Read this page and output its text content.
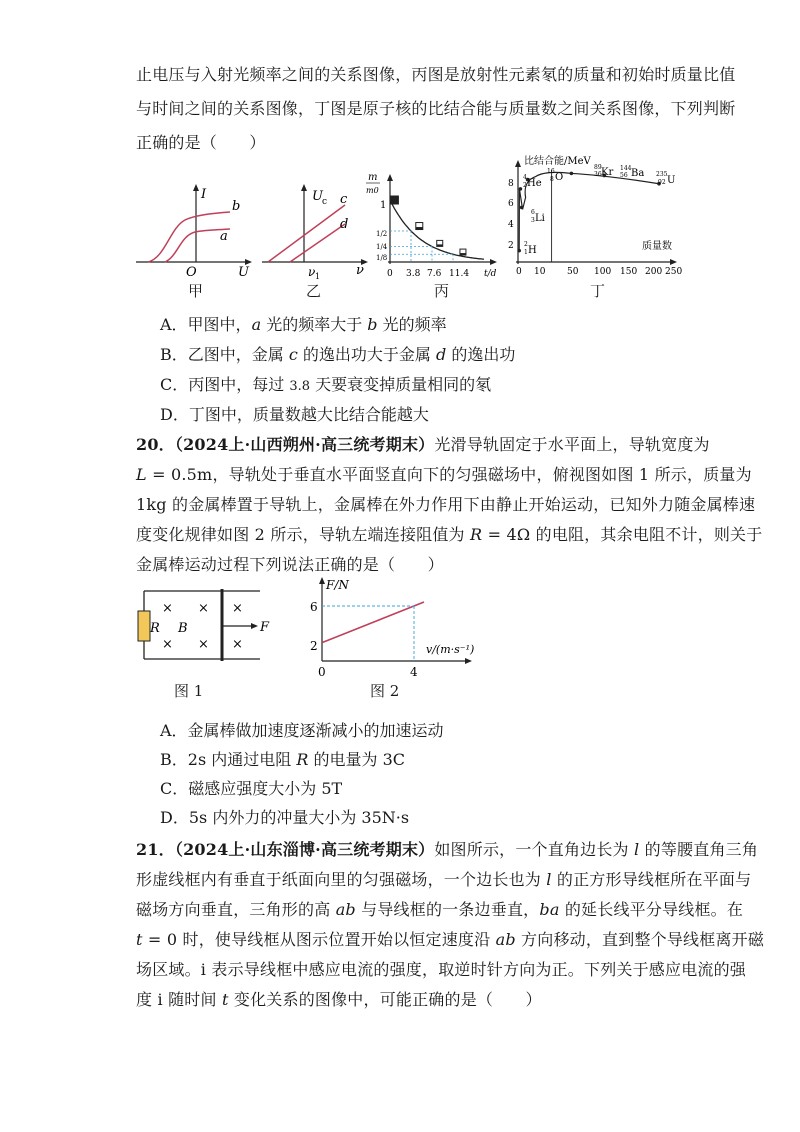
止电压与入射光频率之间的关系图像，丙图是放射性元素氡的质量和初始时质量比值
与时间之间的关系图像，丁图是原子核的比结合能与质量数之间关系图像，下列判断
正确的是（　　）
I
U
O
b
a
甲
U c
ν
c
d
ν 1
乙
m
m0
1
1/2
1/4
1/8
0 3.8 7.6 11.4 t/d
丙
比结合能/MeV
8
6
4
2
0 10 50 100 150 200 250
质量数
4
2 He
16
8 O
6
3 Li
2
1 H
89
36 Kr 144
56 Ba 235
92 U
丁
A．甲图中，a 光的频率大于 b 光的频率
B．乙图中，金属 c 的逸出功大于金属 d 的逸出功
C．丙图中，每过 3.8 天要衰变掉质量相同的氡
D．丁图中，质量数越大比结合能越大
20．（2024上·山西朔州·高三统考期末）光滑导轨固定于水平面上，导轨宽度为
L = 0.5m，导轨处于垂直水平面竖直向下的匀强磁场中，俯视图如图 1 所示，质量为
1kg 的金属棒置于导轨上，金属棒在外力作用下由静止开始运动，已知外力随金属棒速
度变化规律如图 2 所示，导轨左端连接阻值为 R = 4Ω 的电阻，其余电阻不计，则关于
金属棒运动过程下列说法正确的是（　　）
R B
× × ×
× × ×
F
图 1
F/N
v/(m·s⁻¹)
6
2
0	4
图 2
A．金属棒做加速度逐渐减小的加速运动
B．2s 内通过电阻 R 的电量为 3C
C．磁感应强度大小为 5T
D．5s 内外力的冲量大小为 35N·s
21．（2024上·山东淄博·高三统考期末）如图所示，一个直角边长为 l 的等腰直角三角
形虚线框内有垂直于纸面向里的匀强磁场，一个边长也为 l 的正方形导线框所在平面与
磁场方向垂直，三角形的高 ab 与导线框的一条边垂直，ba 的延长线平分导线框。在
t = 0 时，使导线框从图示位置开始以恒定速度沿 ab 方向移动，直到整个导线框离开磁
场区域。i 表示导线框中感应电流的强度，取逆时针方向为正。下列关于感应电流的强
度 i 随时间 t 变化关系的图像中，可能正确的是（　　）
